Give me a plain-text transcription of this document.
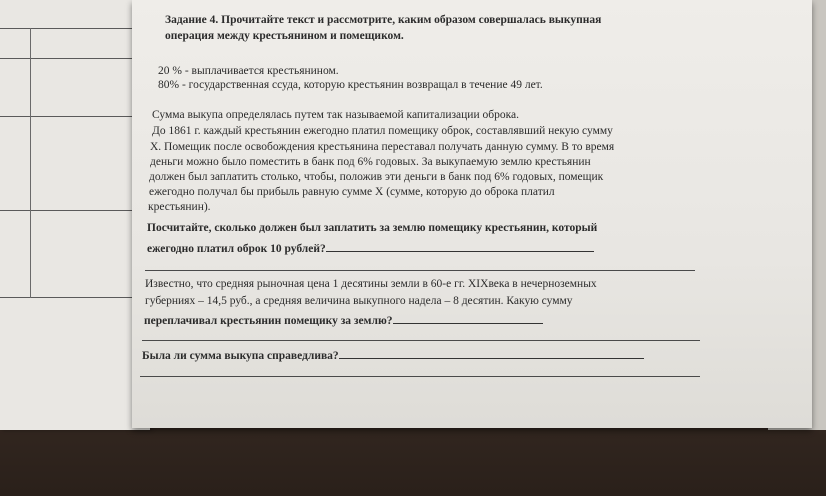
Задание 4. Прочитайте текст и рассмотрите, каким образом совершалась выкупная
операция между крестьянином и помещиком.
20 % - выплачивается крестьянином.
80% - государственная ссуда, которую крестьянин возвращал в течение 49 лет.
Сумма выкупа определялась путем так называемой капитализации оброка.
До 1861 г. каждый крестьянин ежегодно платил помещику оброк, составлявший некую сумму
Х. Помещик после освобождения крестьянина переставал получать данную сумму. В то время
деньги можно было поместить в банк под 6% годовых. За выкупаемую землю крестьянин
должен был заплатить столько, чтобы, положив эти деньги в банк под 6% годовых, помещик
ежегодно получал бы прибыль равную сумме Х (сумме, которую до оброка платил
крестьянин).
Посчитайте, сколько должен был заплатить за землю помещику крестьянин, который
ежегодно платил оброк 10 рублей?
Известно, что средняя рыночная цена 1 десятины земли в 60-е гг. XIXвека в нечерноземных
губерниях – 14,5 руб., а средняя величина выкупного надела – 8 десятин. Какую сумму
переплачивал крестьянин помещику за землю?
Была ли сумма выкупа справедлива?
